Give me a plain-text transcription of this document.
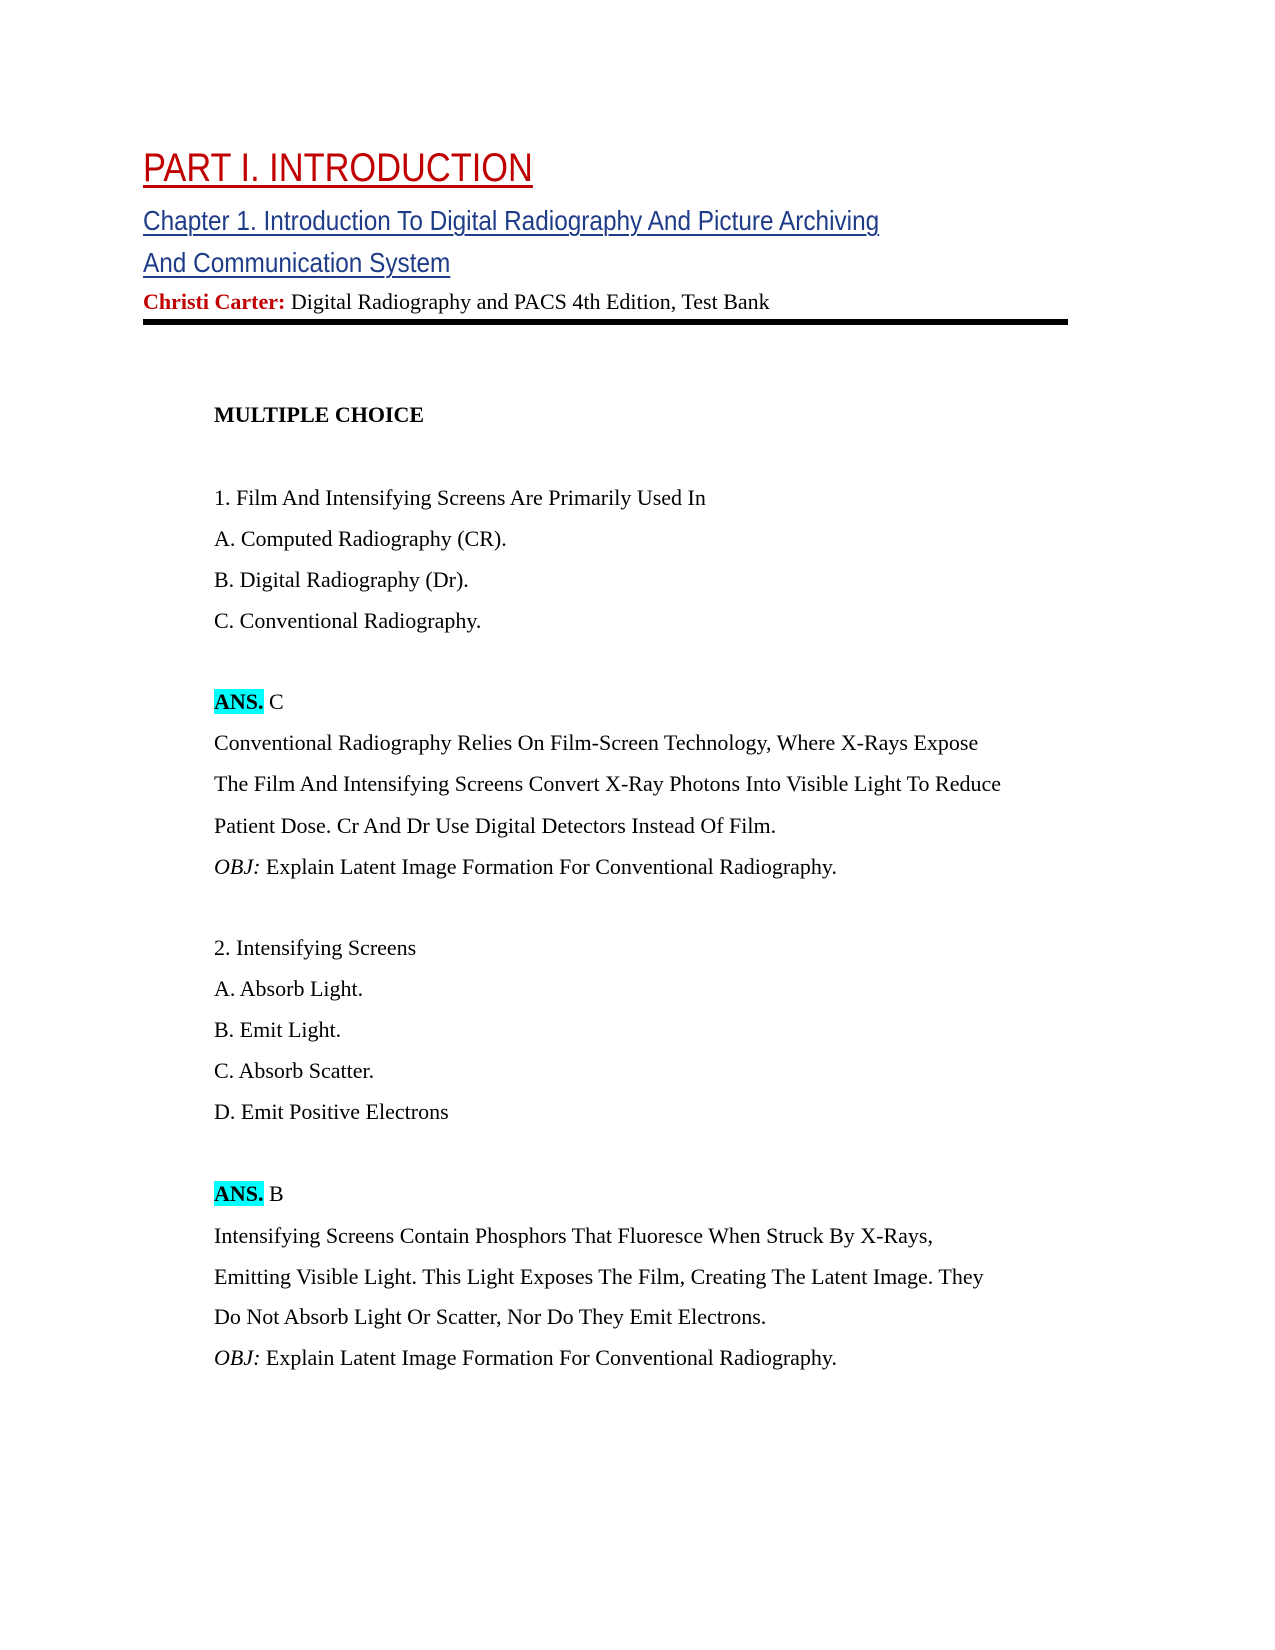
PART I. INTRODUCTION
Chapter 1. Introduction To Digital Radiography And Picture Archiving
And Communication System
Christi Carter: Digital Radiography and PACS 4th Edition, Test Bank
MULTIPLE CHOICE
1. Film And Intensifying Screens Are Primarily Used In
A. Computed Radiography (CR).
B. Digital Radiography (Dr).
C. Conventional Radiography.
ANS. C
Conventional Radiography Relies On Film-Screen Technology, Where X-Rays Expose
The Film And Intensifying Screens Convert X-Ray Photons Into Visible Light To Reduce
Patient Dose. Cr And Dr Use Digital Detectors Instead Of Film.
OBJ: Explain Latent Image Formation For Conventional Radiography.
2. Intensifying Screens
A. Absorb Light.
B. Emit Light.
C. Absorb Scatter.
D. Emit Positive Electrons
ANS. B
Intensifying Screens Contain Phosphors That Fluoresce When Struck By X-Rays,
Emitting Visible Light. This Light Exposes The Film, Creating The Latent Image. They
Do Not Absorb Light Or Scatter, Nor Do They Emit Electrons.
OBJ: Explain Latent Image Formation For Conventional Radiography.
